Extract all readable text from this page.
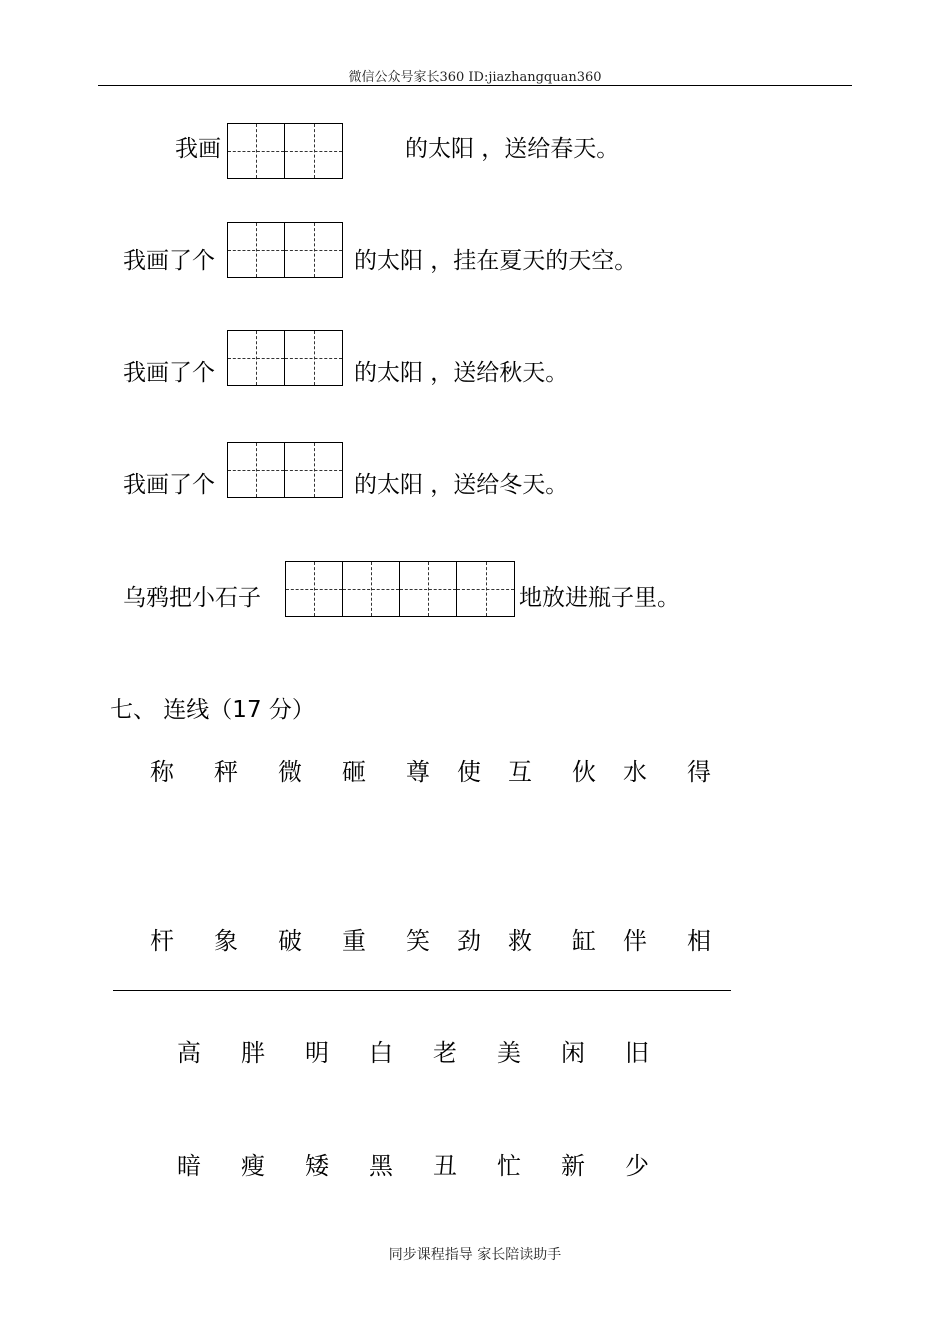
微信公众号家长360 ID:jiazhangquan360
我画	的太阳 ，送给春天。
我画了个	的太阳 ，挂在夏天的天空。
我画了个	的太阳 ，送给秋天。
我画了个	的太阳 ，送给冬天。
乌鸦把小石子	地放进瓶子里。
七、 连线（17 分）
称	秤	微	砸	尊	使	互	伙	水	得
杆	象	破	重	笑	劲	救	缸	伴	相
高	胖	明	白	老	美	闲	旧
暗	瘦	矮	黑	丑	忙	新	少
同步课程指导 家长陪读助手
